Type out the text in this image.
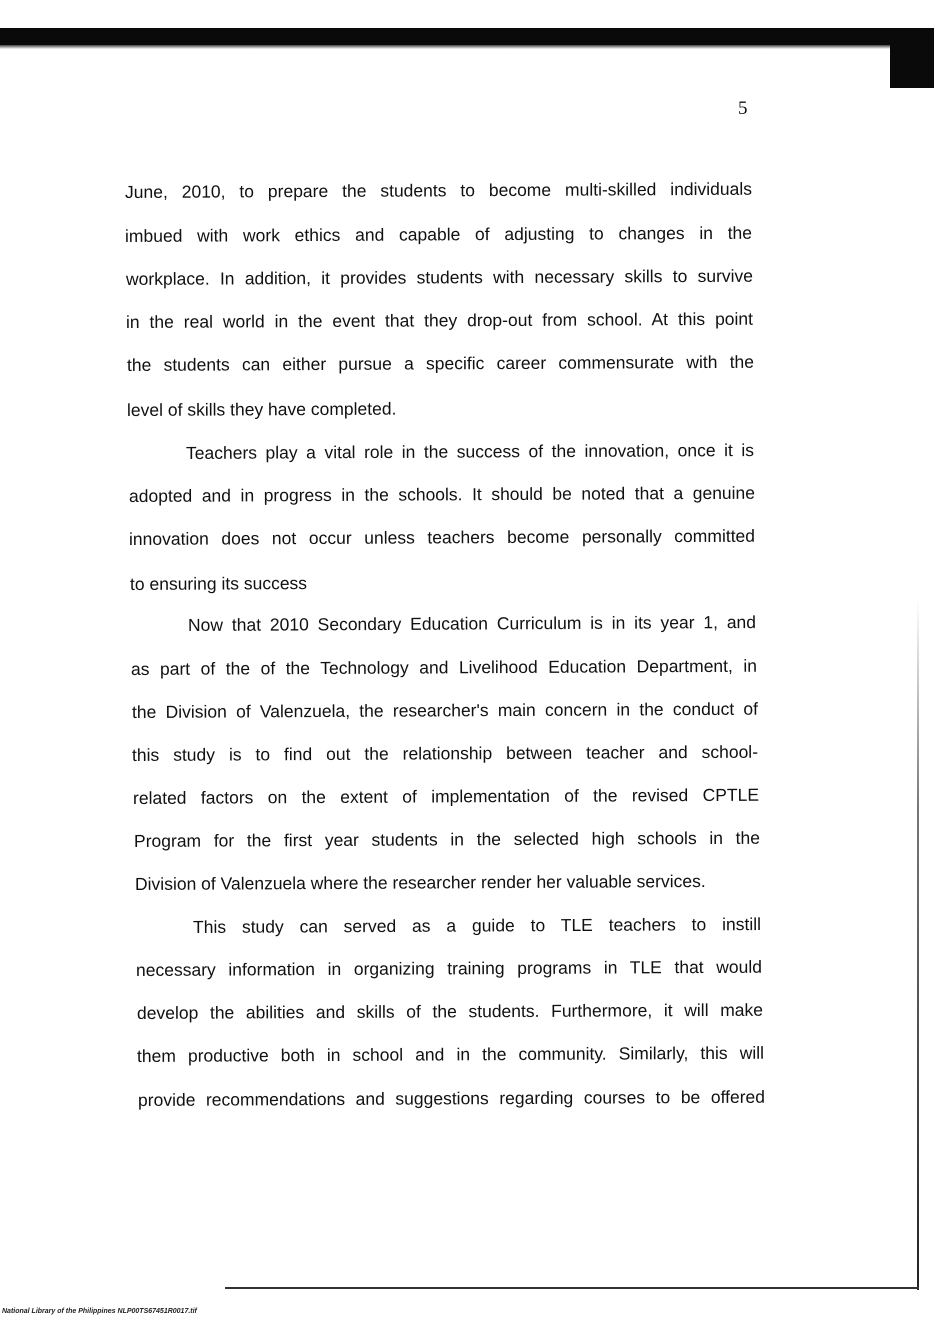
5

June, 2010, to prepare the students to become multi-skilled individuals

imbued with work ethics and capable of adjusting to changes in the

workplace. In addition, it provides students with necessary skills to survive

in the real world in the event that they drop-out from school. At this point

the students can either pursue a specific career commensurate with the

level of skills they have completed.

Teachers play a vital role in the success of the innovation, once it is

adopted and in progress in the schools. It should be noted that a genuine

innovation does not occur unless teachers become personally committed

to ensuring its success

Now that 2010 Secondary Education Curriculum is in its year 1, and

as part of the of the Technology and Livelihood Education Department, in

the Division of Valenzuela, the researcher's main concern in the conduct of

this study is to find out the relationship between teacher and school-

related factors on the extent of implementation of the revised CPTLE

Program for the first year students in the selected high schools in the

Division of Valenzuela where the researcher render her valuable services.

This study can served as a guide to TLE teachers to instill

necessary information in organizing training programs in TLE that would

develop the abilities and skills of the students. Furthermore, it will make

them productive both in school and in the community. Similarly, this will

provide recommendations and suggestions regarding courses to be offered

National Library of the Philippines NLP00TS67451R0017.tif
